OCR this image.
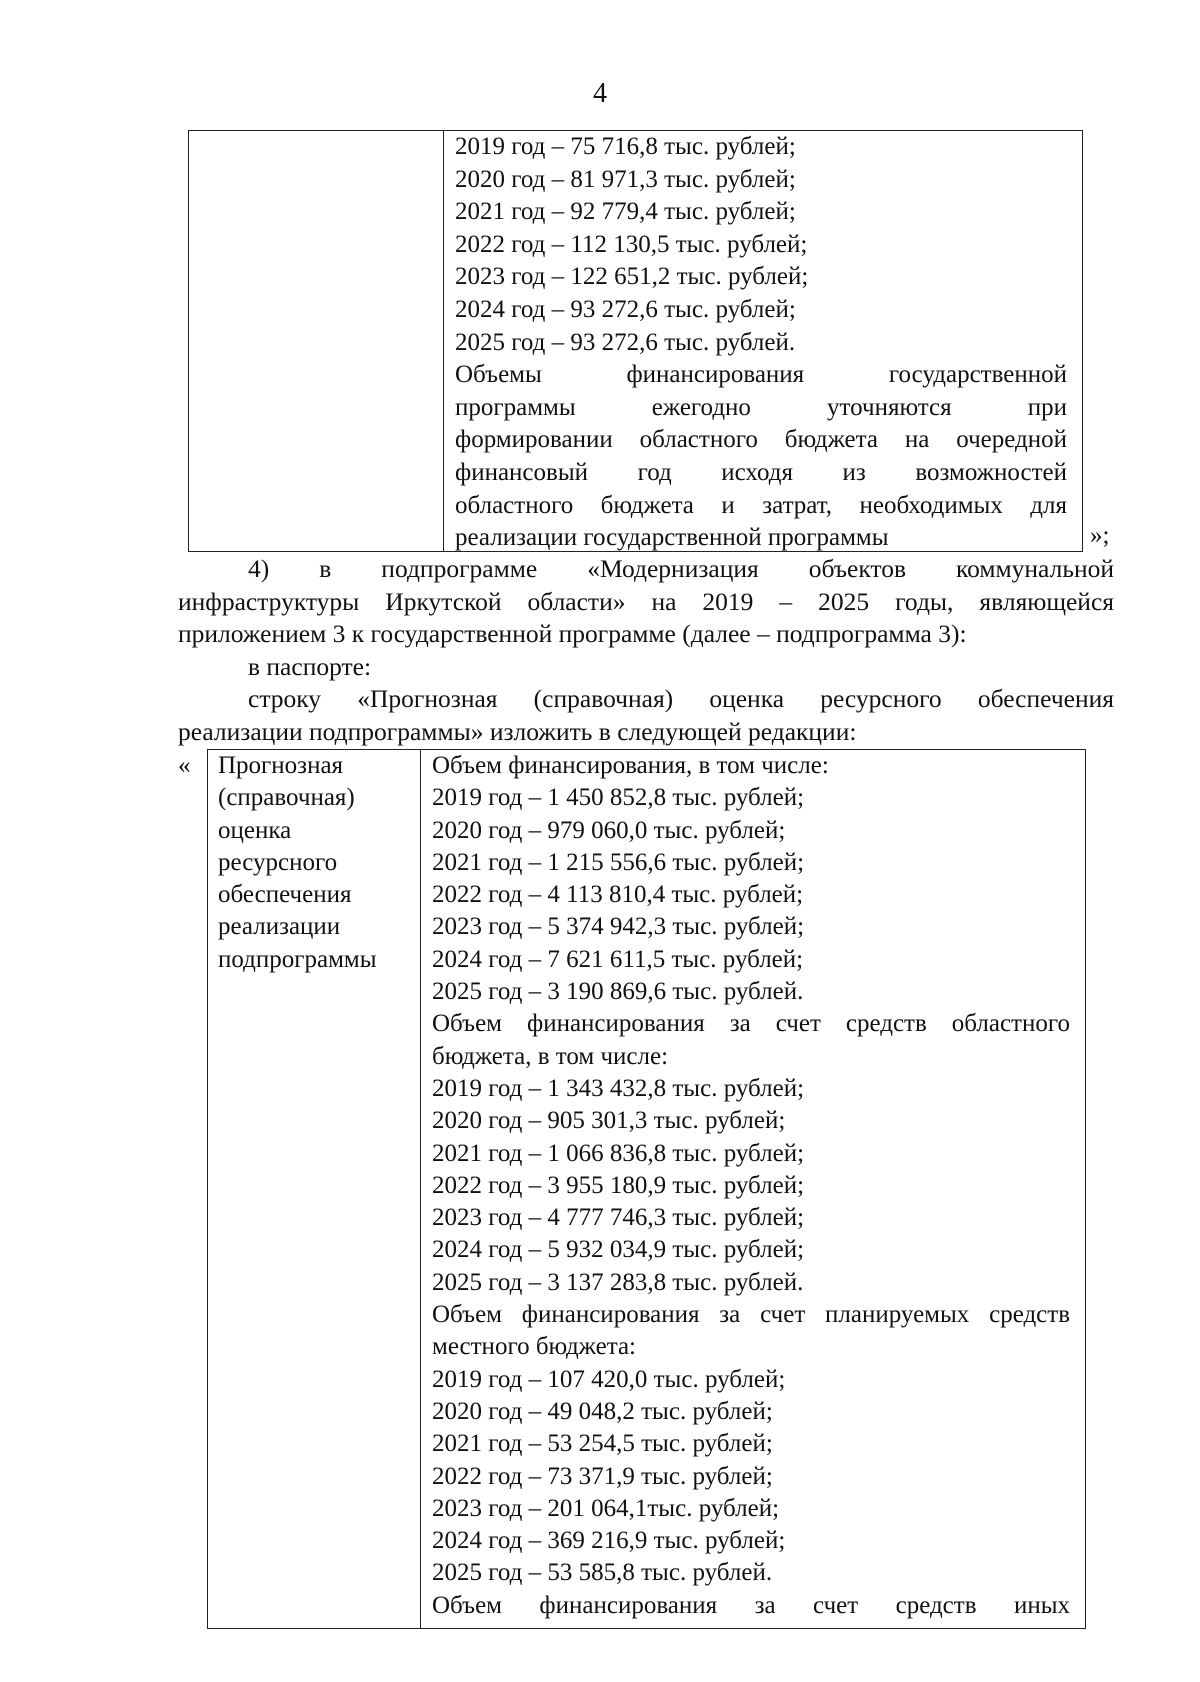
4
2019 год – 75 716,8 тыс. рублей;
2020 год – 81 971,3 тыс. рублей;
2021 год – 92 779,4 тыс. рублей;
2022 год – 112 130,5 тыс. рублей;
2023 год – 122 651,2 тыс. рублей;
2024 год – 93 272,6 тыс. рублей;
2025 год – 93 272,6 тыс. рублей.
Объемы финансирования государственной
программы ежегодно уточняются при
формировании областного бюджета на очередной
финансовый год исходя из возможностей
областного бюджета и затрат, необходимых для
реализации государственной программы	»;
4) в подпрограмме «Модернизация объектов коммунальной
инфраструктуры Иркутской области» на 2019 – 2025 годы, являющейся
приложением 3 к государственной программе (далее – подпрограмма 3):
в паспорте:
строку «Прогнозная (справочная) оценка ресурсного обеспечения
реализации подпрограммы» изложить в следующей редакции:
« Прогнозная
(справочная)
оценка
ресурсного
обеспечения
реализации
подпрограммы
Объем финансирования, в том числе:
2019 год – 1 450 852,8 тыс. рублей;
2020 год – 979 060,0 тыс. рублей;
2021 год – 1 215 556,6 тыс. рублей;
2022 год – 4 113 810,4 тыс. рублей;
2023 год – 5 374 942,3 тыс. рублей;
2024 год – 7 621 611,5 тыс. рублей;
2025 год – 3 190 869,6 тыс. рублей.
Объем финансирования за счет средств областного
бюджета, в том числе:
2019 год – 1 343 432,8 тыс. рублей;
2020 год – 905 301,3 тыс. рублей;
2021 год – 1 066 836,8 тыс. рублей;
2022 год – 3 955 180,9 тыс. рублей;
2023 год – 4 777 746,3 тыс. рублей;
2024 год – 5 932 034,9 тыс. рублей;
2025 год – 3 137 283,8 тыс. рублей.
Объем финансирования за счет планируемых средств
местного бюджета:
2019 год – 107 420,0 тыс. рублей;
2020 год – 49 048,2 тыс. рублей;
2021 год – 53 254,5 тыс. рублей;
2022 год – 73 371,9 тыс. рублей;
2023 год – 201 064,1тыс. рублей;
2024 год – 369 216,9 тыс. рублей;
2025 год – 53 585,8 тыс. рублей.
Объем финансирования за счет средств иных
